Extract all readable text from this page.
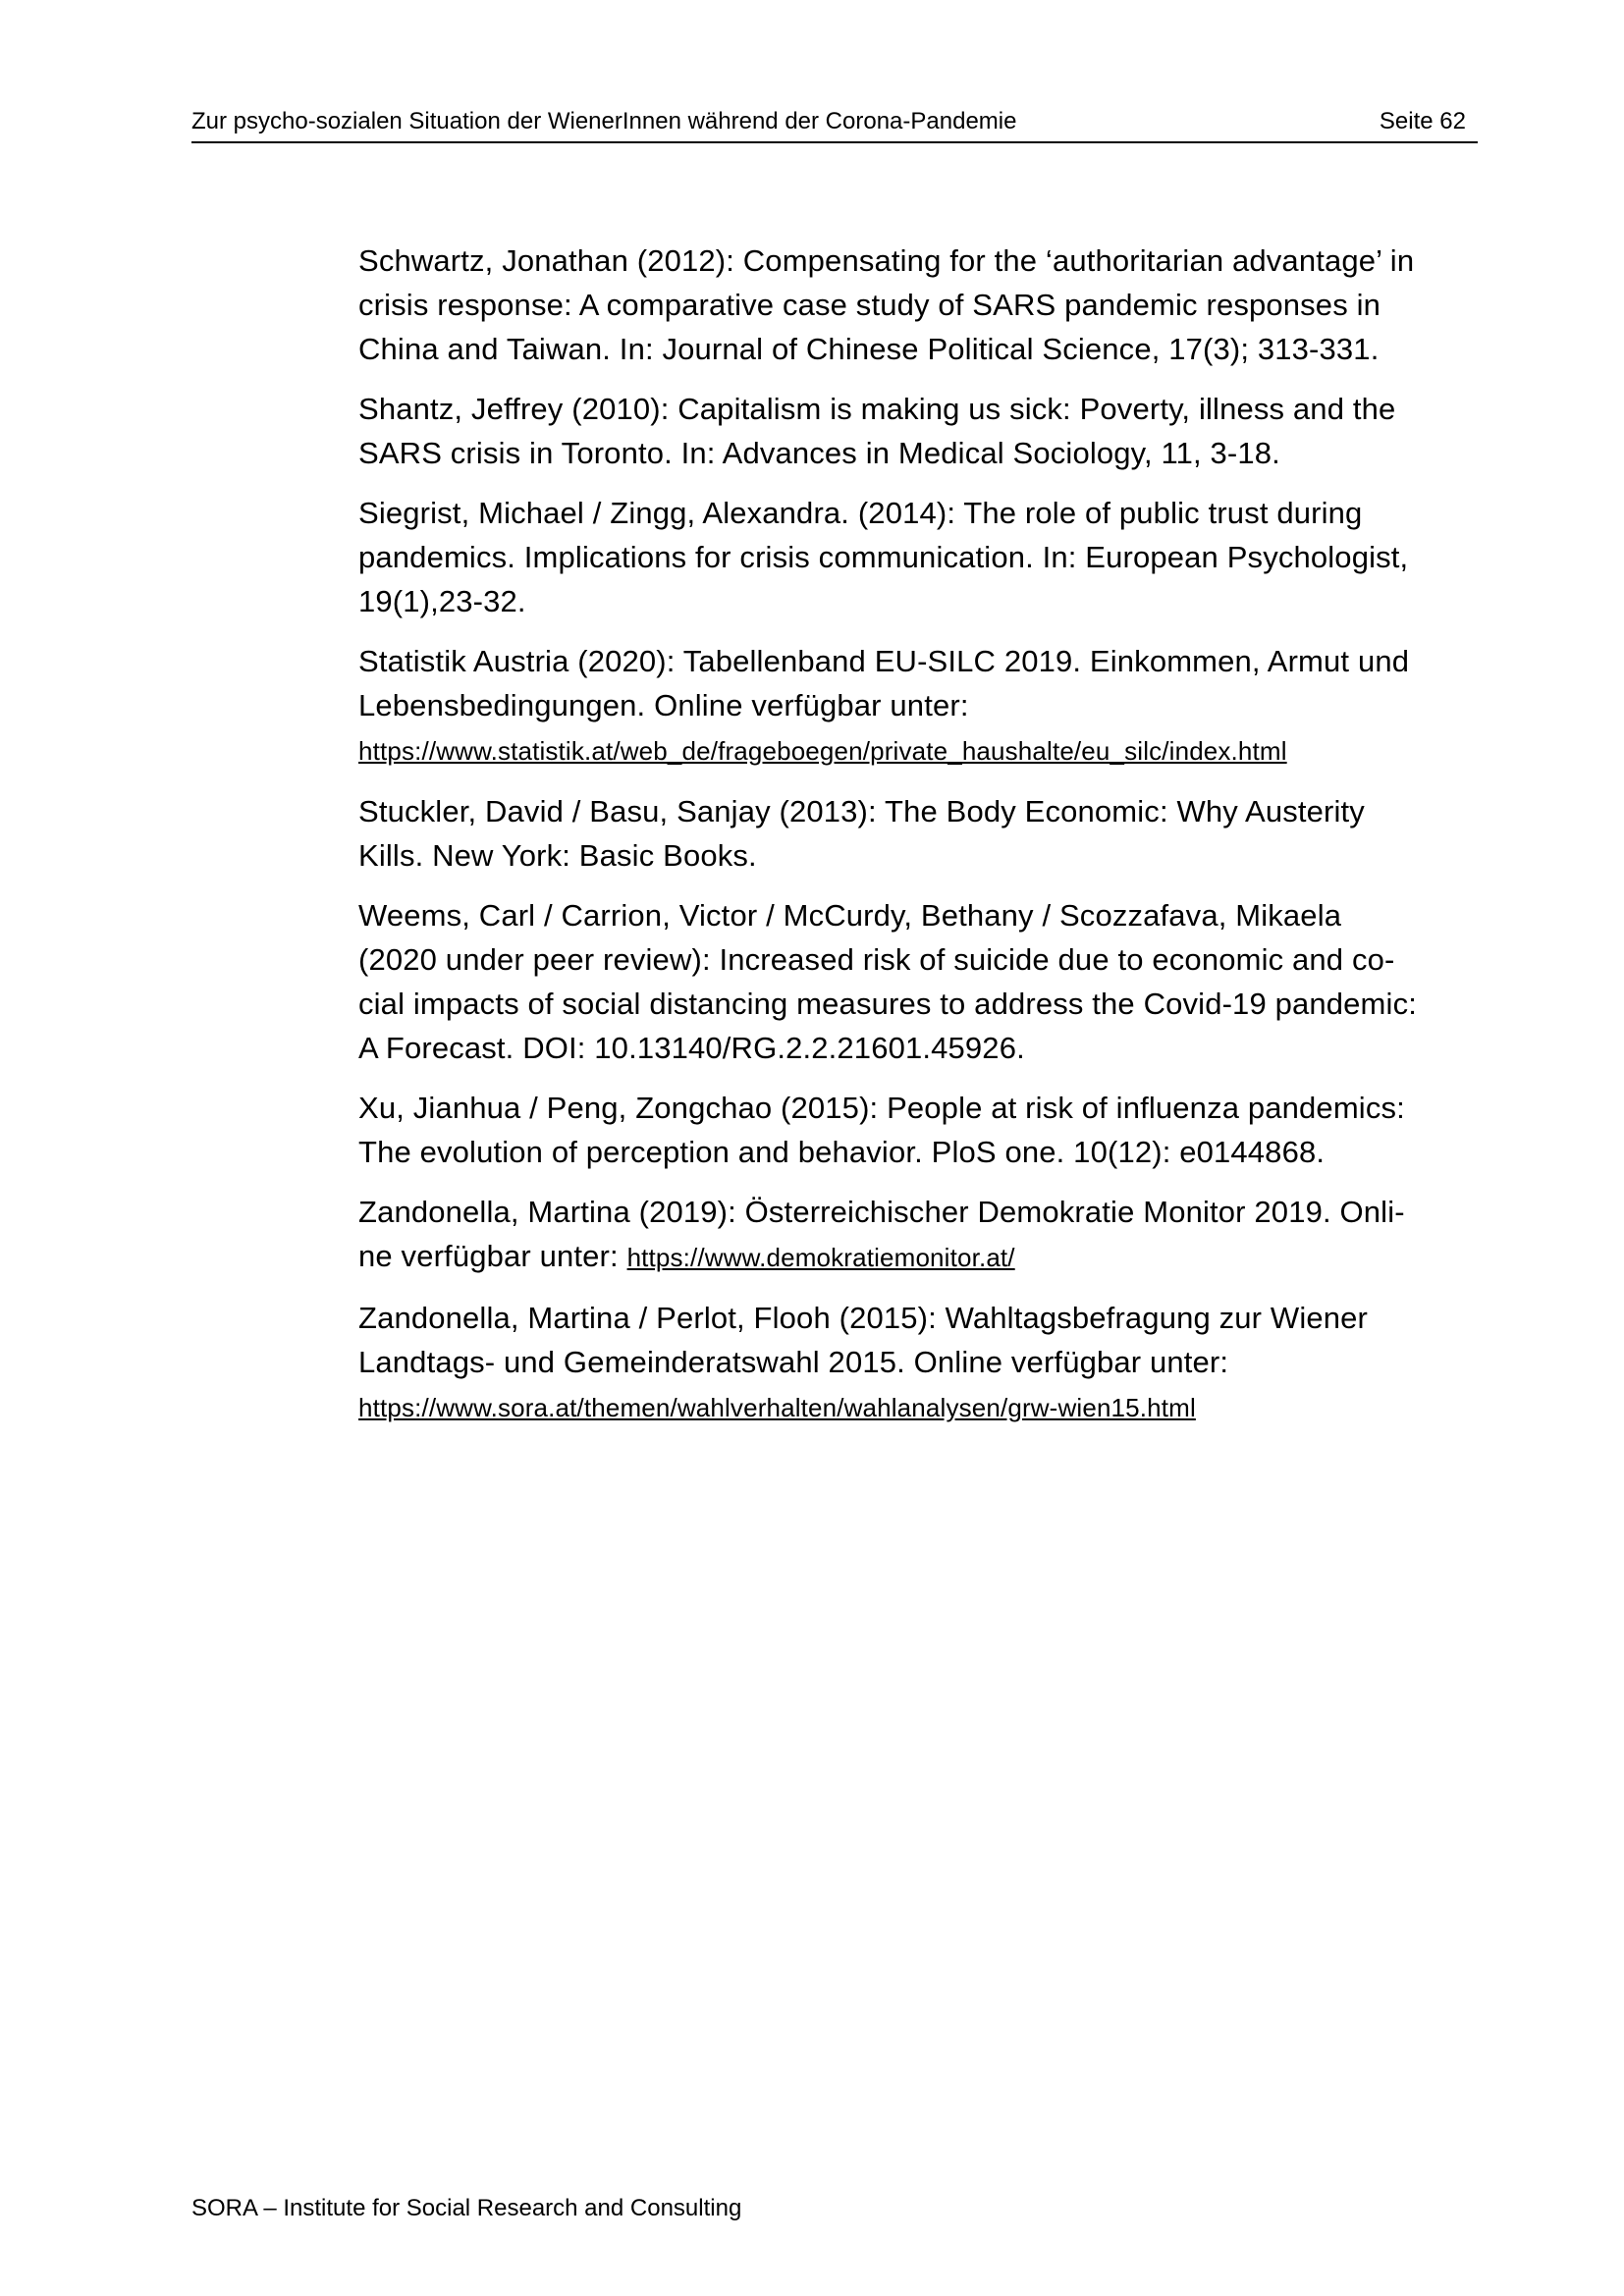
Zur psycho-sozialen Situation der WienerInnen während der Corona-Pandemie	Seite 62
Schwartz, Jonathan (2012): Compensating for the ‘authoritarian advantage’ in
crisis response: A comparative case study of SARS pandemic responses in
China and Taiwan. In: Journal of Chinese Political Science, 17(3); 313-331.
Shantz, Jeffrey (2010): Capitalism is making us sick: Poverty, illness and the
SARS crisis in Toronto. In: Advances in Medical Sociology, 11, 3-18.
Siegrist, Michael / Zingg, Alexandra. (2014): The role of public trust during
pandemics. Implications for crisis communication. In: European Psychologist,
19(1),23-32.
Statistik Austria (2020): Tabellenband EU-SILC 2019. Einkommen, Armut und
Lebensbedingungen. Online verfügbar unter:
https://www.statistik.at/web_de/frageboegen/private_haushalte/eu_silc/index.html
Stuckler, David / Basu, Sanjay (2013): The Body Economic: Why Austerity
Kills. New York: Basic Books.
Weems, Carl / Carrion, Victor / McCurdy, Bethany / Scozzafava, Mikaela
(2020 under peer review): Increased risk of suicide due to economic and co-
cial impacts of social distancing measures to address the Covid-19 pandemic:
A Forecast. DOI: 10.13140/RG.2.2.21601.45926.
Xu, Jianhua / Peng, Zongchao (2015): People at risk of influenza pandemics:
The evolution of perception and behavior. PloS one. 10(12): e0144868.
Zandonella, Martina (2019): Österreichischer Demokratie Monitor 2019. Onli-
ne verfügbar unter: https://www.demokratiemonitor.at/
Zandonella, Martina / Perlot, Flooh (2015): Wahltagsbefragung zur Wiener
Landtags- und Gemeinderatswahl 2015. Online verfügbar unter:
https://www.sora.at/themen/wahlverhalten/wahlanalysen/grw-wien15.html
SORA – Institute for Social Research and Consulting
